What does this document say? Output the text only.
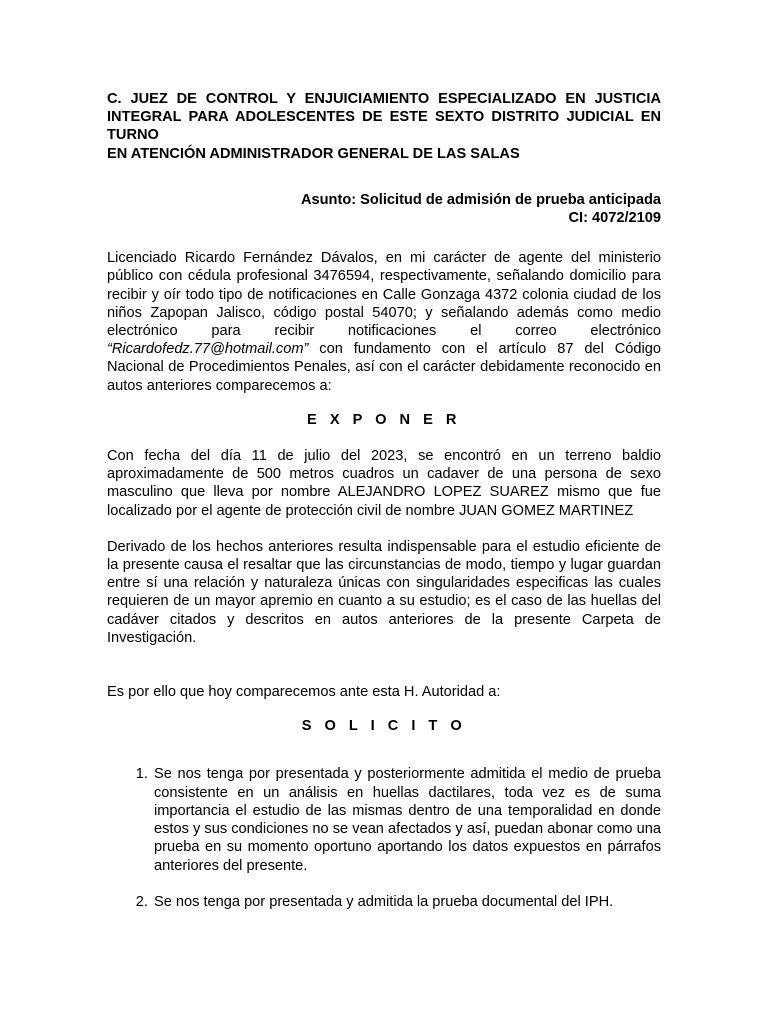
C. JUEZ DE CONTROL Y ENJUICIAMIENTO ESPECIALIZADO EN JUSTICIA INTEGRAL PARA ADOLESCENTES DE ESTE SEXTO DISTRITO JUDICIAL EN TURNO
EN ATENCIÓN ADMINISTRADOR GENERAL DE LAS SALAS

Asunto: Solicitud de admisión de prueba anticipada
CI: 4072/2109

Licenciado Ricardo Fernández Dávalos, en mi carácter de agente del ministerio público con cédula profesional 3476594, respectivamente, señalando domicilio para recibir y oír todo tipo de notificaciones en Calle Gonzaga 4372 colonia ciudad de los niños Zapopan Jalisco, código postal 54070; y señalando además como medio electrónico para recibir notificaciones el correo electrónico “Ricardofedz.77@hotmail.com” con fundamento con el artículo 87 del Código Nacional de Procedimientos Penales, así con el carácter debidamente reconocido en autos anteriores comparecemos a:

E X P O N E R

Con fecha del día 11 de julio del 2023, se encontró en un terreno baldio aproximadamente de 500 metros cuadros un cadaver de una persona de sexo masculino que lleva por nombre ALEJANDRO LOPEZ SUAREZ mismo que fue localizado por el agente de protección civil de nombre JUAN GOMEZ MARTINEZ

Derivado de los hechos anteriores resulta indispensable para el estudio eficiente de la presente causa el resaltar que las circunstancias de modo, tiempo y lugar guardan entre sí una relación y naturaleza únicas con singularidades especificas las cuales requieren de un mayor apremio en cuanto a su estudio; es el caso de las huellas del cadáver citados y descritos en autos anteriores de la presente Carpeta de Investigación.

Es por ello que hoy comparecemos ante esta H. Autoridad a:

S O L I C I T O
1. Se nos tenga por presentada y posteriormente admitida el medio de prueba consistente en un análisis en huellas dactilares, toda vez es de suma importancia el estudio de las mismas dentro de una temporalidad en donde estos y sus condiciones no se vean afectados y así, puedan abonar como una prueba en su momento oportuno aportando los datos expuestos en párrafos anteriores del presente.
2. Se nos tenga por presentada y admitida la prueba documental del IPH.
